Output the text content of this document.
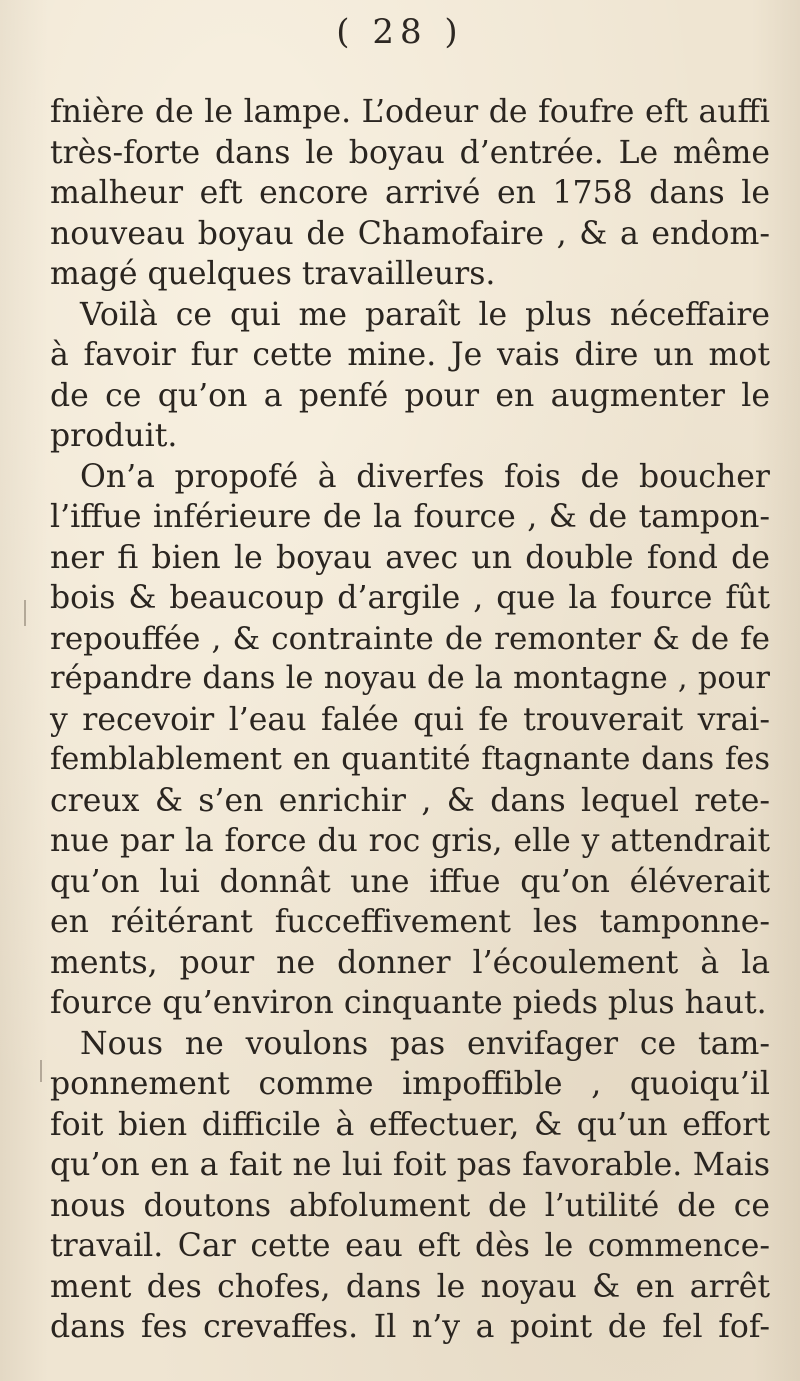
( 28 )
fnière de le lampe. L’odeur de foufre eft auffi
très-forte dans le boyau d’entrée. Le même
malheur eft encore arrivé en 1758 dans le
nouveau boyau de Chamofaire , & a endom-
magé quelques travailleurs.
Voilà ce qui me paraît le plus néceffaire
à favoir fur cette mine. Je vais dire un mot
de ce qu’on a penfé pour en augmenter le
produit.
On’a propofé à diverfes fois de boucher
l’iffue inférieure de la fource , & de tampon-
ner fi bien le boyau avec un double fond de
bois & beaucoup d’argile , que la fource fût
repouffée , & contrainte de remonter & de fe
répandre dans le noyau de la montagne , pour
y recevoir l’eau falée qui fe trouverait vrai-
femblablement en quantité ftagnante dans fes
creux & s’en enrichir , & dans lequel rete-
nue par la force du roc gris, elle y attendrait
qu’on lui donnât une iffue qu’on éléverait
en réitérant fucceffivement les tamponne-
ments, pour ne donner l’écoulement à la
fource qu’environ cinquante pieds plus haut.
Nous ne voulons pas envifager ce tam-
ponnement comme impoffible , quoiqu’il
foit bien difficile à effectuer, & qu’un effort
qu’on en a fait ne lui foit pas favorable. Mais
nous doutons abfolument de l’utilité de ce
travail. Car cette eau eft dès le commence-
ment des chofes, dans le noyau & en arrêt
dans fes crevaffes. Il n’y a point de fel fof-
